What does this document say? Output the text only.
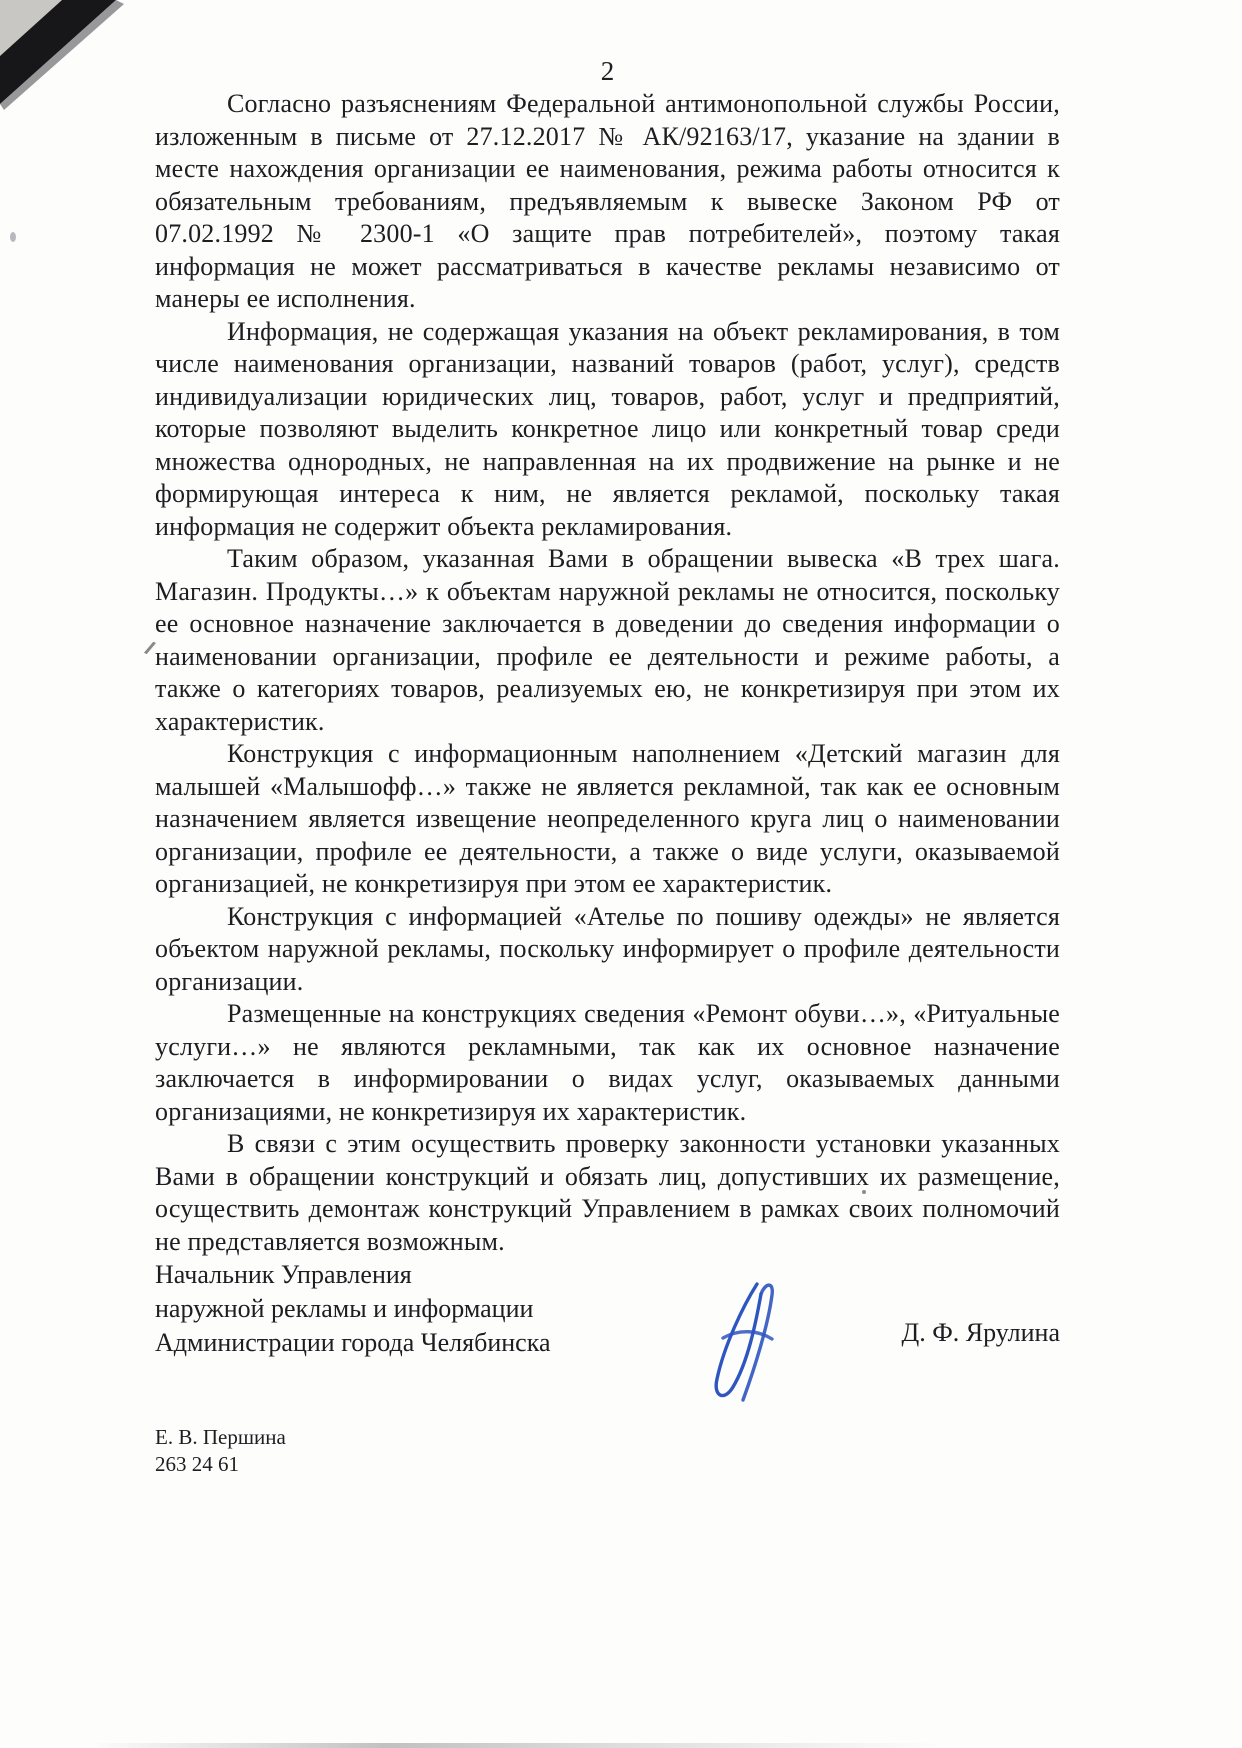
2

Согласно разъяснениям Федеральной антимонопольной службы России, изложенным в письме от 27.12.2017 № АК/92163/17, указание на здании в месте нахождения организации ее наименования, режима работы относится к обязательным требованиям, предъявляемым к вывеске Законом РФ от 07.02.1992 № 2300-1 «О защите прав потребителей», поэтому такая информация не может рассматриваться в качестве рекламы независимо от манеры ее исполнения.

Информация, не содержащая указания на объект рекламирования, в том числе наименования организации, названий товаров (работ, услуг), средств индивидуализации юридических лиц, товаров, работ, услуг и предприятий, которые позволяют выделить конкретное лицо или конкретный товар среди множества однородных, не направленная на их продвижение на рынке и не формирующая интереса к ним, не является рекламой, поскольку такая информация не содержит объекта рекламирования.

Таким образом, указанная Вами в обращении вывеска «В трех шага. Магазин. Продукты…» к объектам наружной рекламы не относится, поскольку ее основное назначение заключается в доведении до сведения информации о наименовании организации, профиле ее деятельности и режиме работы, а также о категориях товаров, реализуемых ею, не конкретизируя при этом их характеристик.

Конструкция с информационным наполнением «Детский магазин для малышей «Малышофф…» также не является рекламной, так как ее основным назначением является извещение неопределенного круга лиц о наименовании организации, профиле ее деятельности, а также о виде услуги, оказываемой организацией, не конкретизируя при этом ее характеристик.

Конструкция с информацией «Ателье по пошиву одежды» не является объектом наружной рекламы, поскольку информирует о профиле деятельности организации.

Размещенные на конструкциях сведения «Ремонт обуви…», «Ритуальные услуги…» не являются рекламными, так как их основное назначение заключается в информировании о видах услуг, оказываемых данными организациями, не конкретизируя их характеристик.

В связи с этим осуществить проверку законности установки указанных Вами в обращении конструкций и обязать лиц, допустивших их размещение, осуществить демонтаж конструкций Управлением в рамках своих полномочий не представляется возможным.

Начальник Управления
наружной рекламы и информации
Администрации города Челябинска	Д. Ф. Ярулина
Е. В. Першина
263 24 61
